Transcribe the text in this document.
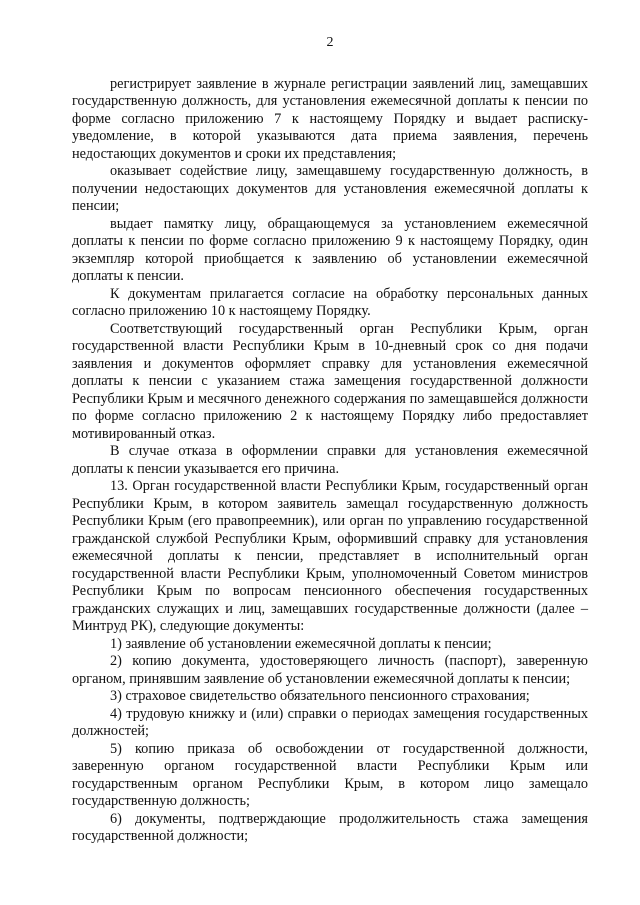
2

регистрирует заявление в журнале регистрации заявлений лиц, замещавших государственную должность, для установления ежемесячной доплаты к пенсии по форме согласно приложению 7 к настоящему Порядку и выдает расписку-уведомление, в которой указываются дата приема заявления, перечень недостающих документов и сроки их представления;

оказывает содействие лицу, замещавшему государственную должность, в получении недостающих документов для установления ежемесячной доплаты к пенсии;

выдает памятку лицу, обращающемуся за установлением ежемесячной доплаты к пенсии по форме согласно приложению 9 к настоящему Порядку, один экземпляр которой приобщается к заявлению об установлении ежемесячной доплаты к пенсии.

К документам прилагается согласие на обработку персональных данных согласно приложению 10 к настоящему Порядку.

Соответствующий государственный орган Республики Крым, орган государственной власти Республики Крым в 10-дневный срок со дня подачи заявления и документов оформляет справку для установления ежемесячной доплаты к пенсии с указанием стажа замещения государственной должности Республики Крым и месячного денежного содержания по замещавшейся должности по форме согласно приложению 2 к настоящему Порядку либо предоставляет мотивированный отказ.

В случае отказа в оформлении справки для установления ежемесячной доплаты к пенсии указывается его причина.

13. Орган государственной власти Республики Крым, государственный орган Республики Крым, в котором заявитель замещал государственную должность Республики Крым (его правопреемник), или орган по управлению государственной гражданской службой Республики Крым, оформивший справку для установления ежемесячной доплаты к пенсии, представляет в исполнительный орган государственной власти Республики Крым, уполномоченный Советом министров Республики Крым по вопросам пенсионного обеспечения государственных гражданских служащих и лиц, замещавших государственные должности (далее – Минтруд РК), следующие документы:

1) заявление об установлении ежемесячной доплаты к пенсии;

2) копию документа, удостоверяющего личность (паспорт), заверенную органом, принявшим заявление об установлении ежемесячной доплаты к пенсии;

3) страховое свидетельство обязательного пенсионного страхования;

4) трудовую книжку и (или) справки о периодах замещения государственных должностей;

5) копию приказа об освобождении от государственной должности, заверенную органом государственной власти Республики Крым или государственным органом Республики Крым, в котором лицо замещало государственную должность;

6) документы, подтверждающие продолжительность стажа замещения государственной должности;
